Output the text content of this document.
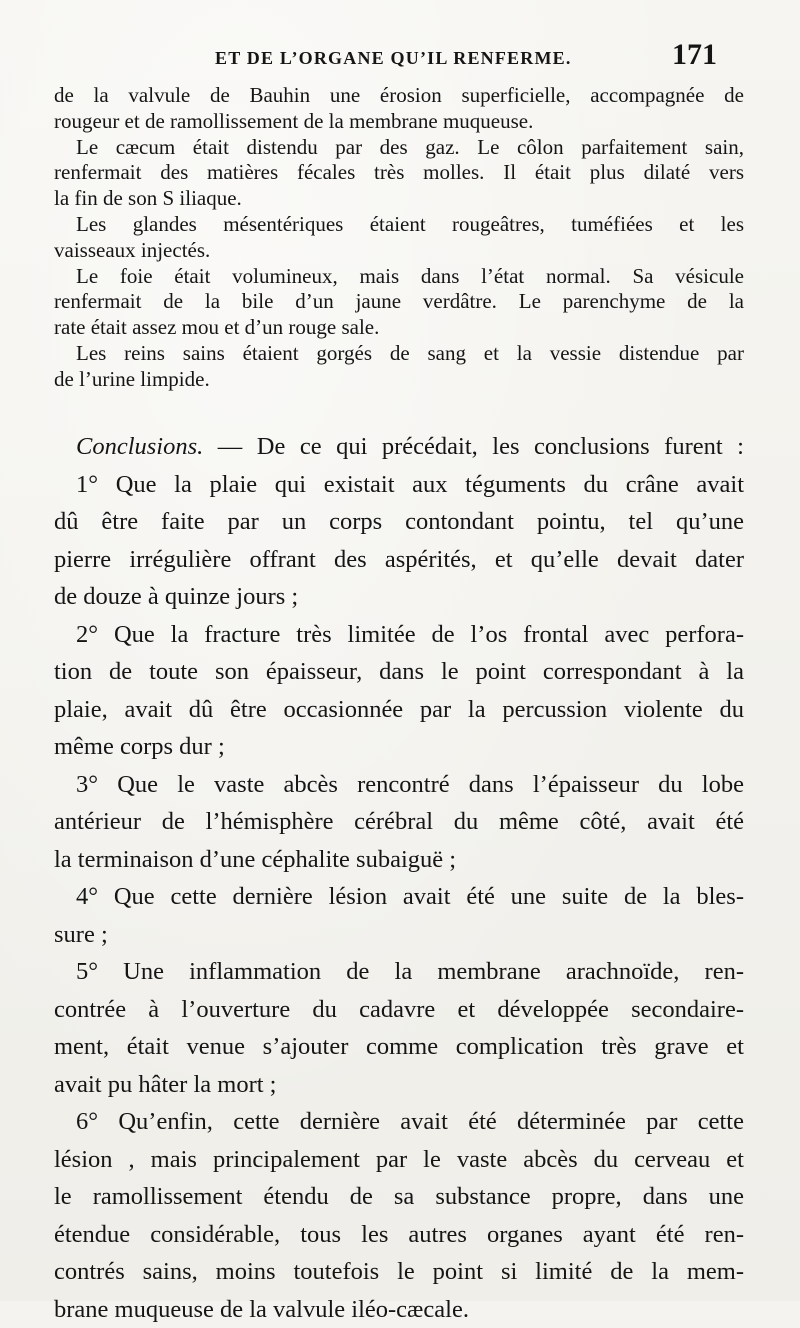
ET DE L’ORGANE QU’IL RENFERME.	171
de la valvule de Bauhin une érosion superficielle, accompagnée de
rougeur et de ramollissement de la membrane muqueuse.
Le cæcum était distendu par des gaz. Le côlon parfaitement sain,
renfermait des matières fécales très molles. Il était plus dilaté vers
la fin de son S iliaque.
Les glandes mésentériques étaient rougeâtres, tuméfiées et les
vaisseaux injectés.
Le foie était volumineux, mais dans l’état normal. Sa vésicule
renfermait de la bile d’un jaune verdâtre. Le parenchyme de la
rate était assez mou et d’un rouge sale.
Les reins sains étaient gorgés de sang et la vessie distendue par
de l’urine limpide.
Conclusions. — De ce qui précédait, les conclusions furent :
1° Que la plaie qui existait aux téguments du crâne avait
dû être faite par un corps contondant pointu, tel qu’une
pierre irrégulière offrant des aspérités, et qu’elle devait dater
de douze à quinze jours ;
2° Que la fracture très limitée de l’os frontal avec perfora-
tion de toute son épaisseur, dans le point correspondant à la
plaie, avait dû être occasionnée par la percussion violente du
même corps dur ;
3° Que le vaste abcès rencontré dans l’épaisseur du lobe
antérieur de l’hémisphère cérébral du même côté, avait été
la terminaison d’une céphalite subaiguë ;
4° Que cette dernière lésion avait été une suite de la bles-
sure ;
5° Une inflammation de la membrane arachnoïde, ren-
contrée à l’ouverture du cadavre et développée secondaire-
ment, était venue s’ajouter comme complication très grave et
avait pu hâter la mort ;
6° Qu’enfin, cette dernière avait été déterminée par cette
lésion , mais principalement par le vaste abcès du cerveau et
le ramollissement étendu de sa substance propre, dans une
étendue considérable, tous les autres organes ayant été ren-
contrés sains, moins toutefois le point si limité de la mem-
brane muqueuse de la valvule iléo-cæcale.
